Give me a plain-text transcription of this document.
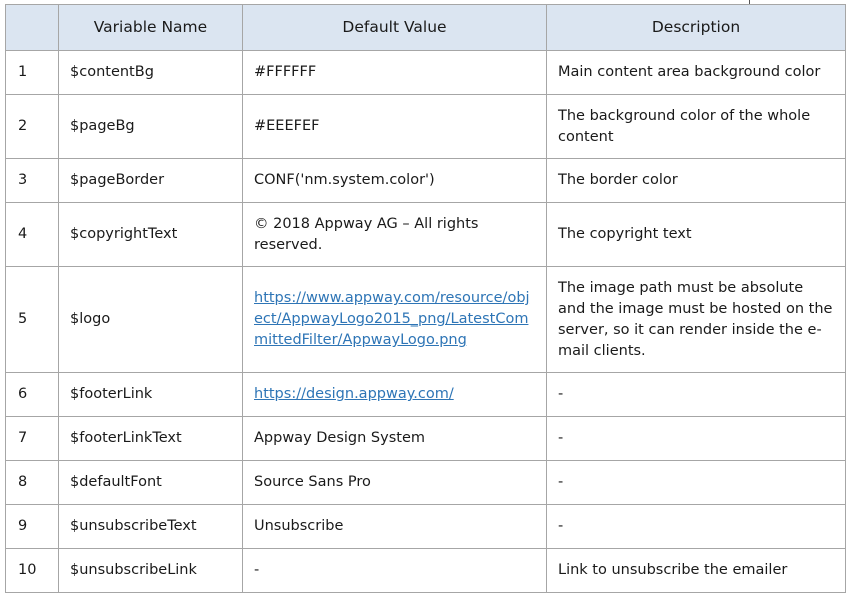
	Variable Name	Default Value	Description
1	$contentBg	#FFFFFF	Main content area background color
2	$pageBg	#EEEFEF	The background color of the whole content
3	$pageBorder	CONF('nm.system.color')	The border color
4	$copyrightText	© 2018 Appway AG – All rights reserved.	The copyright text
5	$logo	https://www.appway.com/resource/object/AppwayLogo2015_png/LatestCommittedFilter/AppwayLogo.png	The image path must be absolute and the image must be hosted on the server, so it can render inside the e-mail clients.
6	$footerLink	https://design.appway.com/	-
7	$footerLinkText	Appway Design System	-
8	$defaultFont	Source Sans Pro	-
9	$unsubscribeText	Unsubscribe	-
10	$unsubscribeLink	-	Link to unsubscribe the emailer
